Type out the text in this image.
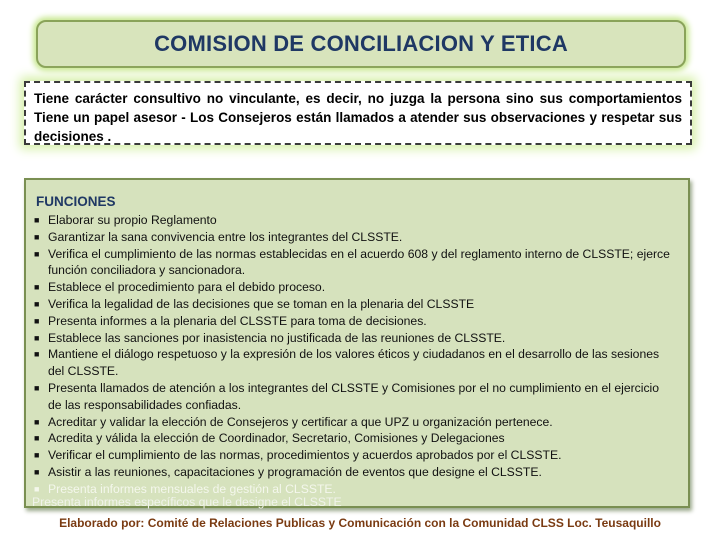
COMISION DE CONCILIACION Y ETICA

Tiene carácter consultivo no vinculante, es decir, no juzga la persona sino sus comportamientos Tiene un papel asesor - Los Consejeros están llamados a atender sus observaciones y respetar sus decisiones .

FUNCIONES
■ Elaborar su propio Reglamento
■ Garantizar la sana convivencia entre los integrantes del CLSSTE.
■ Verifica el cumplimiento de las normas establecidas en el acuerdo 608 y del reglamento interno de CLSSTE; ejerce función conciliadora y sancionadora.
■ Establece el procedimiento para el debido proceso.
■ Verifica la legalidad de las decisiones que se toman en la plenaria del CLSSTE
■ Presenta informes a la plenaria del CLSSTE para toma de decisiones.
■ Establece las sanciones por inasistencia no justificada de las reuniones de CLSSTE.
■ Mantiene el diálogo respetuoso y la expresión de los valores éticos y ciudadanos en el desarrollo de las sesiones del CLSSTE.
■ Presenta llamados de atención a los integrantes del CLSSTE y Comisiones por el no cumplimiento en el ejercicio de las responsabilidades confiadas.
■ Acreditar y validar la elección de Consejeros y certificar a que UPZ u organización pertenece.
■ Acredita y válida la elección de Coordinador, Secretario, Comisiones y Delegaciones
■ Verificar el cumplimiento de las normas, procedimientos y acuerdos aprobados por el CLSSTE.
■ Asistir a las reuniones, capacitaciones y programación de eventos que designe el CLSSTE.
■ Presenta informes mensuales de gestión al CLSSTE.
Presenta informes específicos que le designe el CLSSTE
Elaborado por: Comité de Relaciones Publicas y Comunicación con la Comunidad CLSS Loc. Teusaquillo
